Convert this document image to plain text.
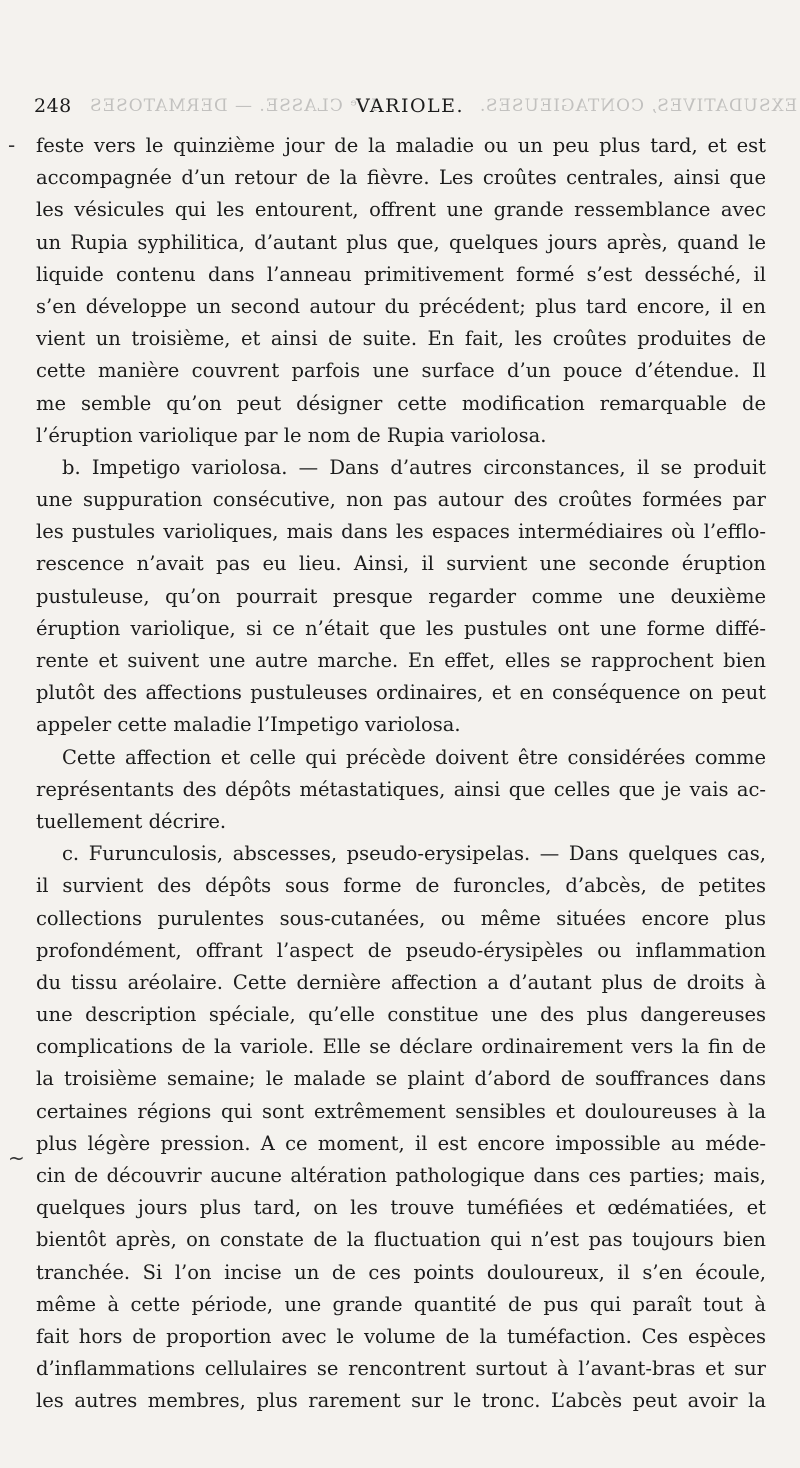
248 IVᵉ CLASSE. — DERMATOSES
VARIOLE. EXSUDATIVES, CONTAGIEUSES.
-
~
feste vers le quinzième jour de la maladie ou un peu plus tard, et est
accompagnée d’un retour de la fièvre. Les croûtes centrales, ainsi que
les vésicules qui les entourent, offrent une grande ressemblance avec
un Rupia syphilitica, d’autant plus que, quelques jours après, quand le
liquide contenu dans l’anneau primitivement formé s’est desséché, il
s’en développe un second autour du précédent; plus tard encore, il en
vient un troisième, et ainsi de suite. En fait, les croûtes produites de
cette manière couvrent parfois une surface d’un pouce d’étendue. Il
me semble qu’on peut désigner cette modification remarquable de
l’éruption variolique par le nom de Rupia variolosa.
b. Impetigo variolosa. — Dans d’autres circonstances, il se produit
une suppuration consécutive, non pas autour des croûtes formées par
les pustules varioliques, mais dans les espaces intermédiaires où l’efflo-
rescence n’avait pas eu lieu. Ainsi, il survient une seconde éruption
pustuleuse, qu’on pourrait presque regarder comme une deuxième
éruption variolique, si ce n’était que les pustules ont une forme diffé-
rente et suivent une autre marche. En effet, elles se rapprochent bien
plutôt des affections pustuleuses ordinaires, et en conséquence on peut
appeler cette maladie l’Impetigo variolosa.
Cette affection et celle qui précède doivent être considérées comme
représentants des dépôts métastatiques, ainsi que celles que je vais ac-
tuellement décrire.
c. Furunculosis, abscesses, pseudo-erysipelas. — Dans quelques cas,
il survient des dépôts sous forme de furoncles, d’abcès, de petites
collections purulentes sous-cutanées, ou même situées encore plus
profondément, offrant l’aspect de pseudo-érysipèles ou inflammation
du tissu aréolaire. Cette dernière affection a d’autant plus de droits à
une description spéciale, qu’elle constitue une des plus dangereuses
complications de la variole. Elle se déclare ordinairement vers la fin de
la troisième semaine; le malade se plaint d’abord de souffrances dans
certaines régions qui sont extrêmement sensibles et douloureuses à la
plus légère pression. A ce moment, il est encore impossible au méde-
cin de découvrir aucune altération pathologique dans ces parties; mais,
quelques jours plus tard, on les trouve tuméfiées et œdématiées, et
bientôt après, on constate de la fluctuation qui n’est pas toujours bien
tranchée. Si l’on incise un de ces points douloureux, il s’en écoule,
même à cette période, une grande quantité de pus qui paraît tout à
fait hors de proportion avec le volume de la tuméfaction. Ces espèces
d’inflammations cellulaires se rencontrent surtout à l’avant-bras et sur
les autres membres, plus rarement sur le tronc. L’abcès peut avoir la
